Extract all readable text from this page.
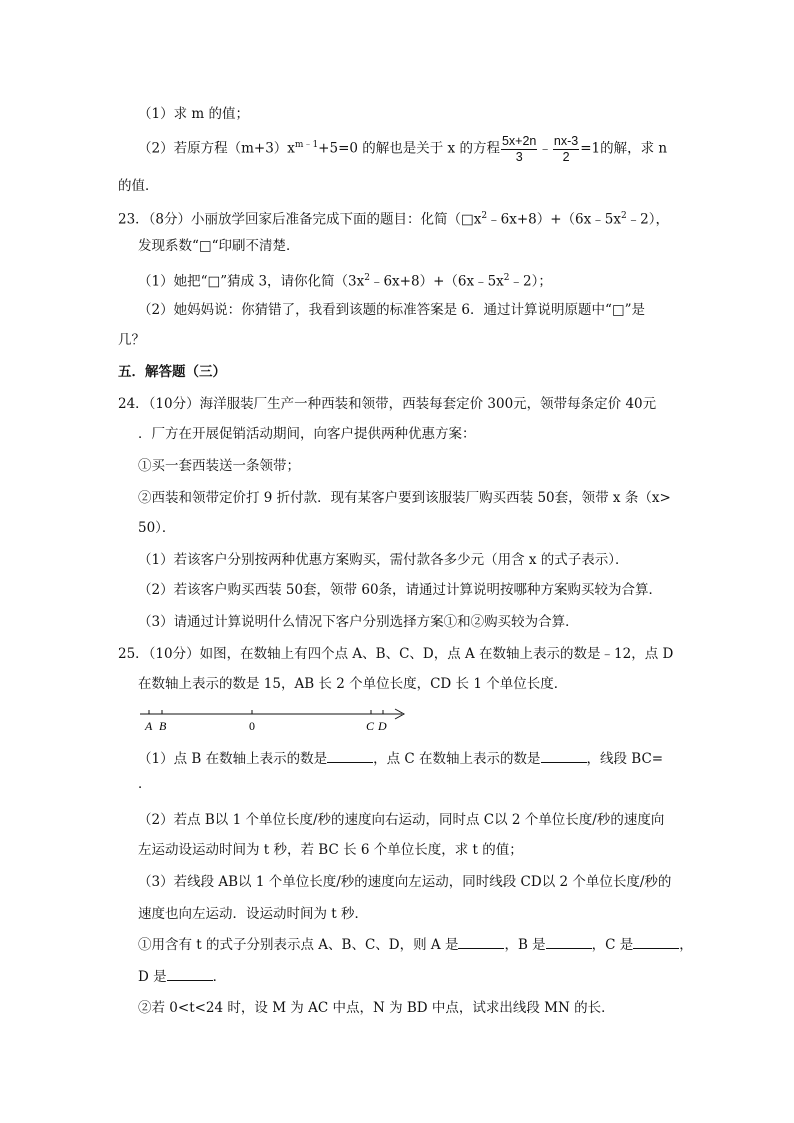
（1）求 m 的值；
（2）若原方程$(m+3)x^{m﹣1}+5=0$ 的解也是关于 x 的方程 $\frac{5x+2n}{3}$ ﹣ $\frac{nx-3}{2} =1$的解，求 n
的值．
23．（8分）小丽放学回家后准备完成下面的题目：化简$(□x^2﹣6x+8)+(6x﹣5x^2﹣2)$，
发现系数“□“印刷不清楚．
（1）她把“□”猜成 3，请你化简$(3x^2﹣6x+8)+(6x﹣5x^2﹣2)$；
（2）她妈妈说：你猜错了，我看到该题的标准答案是 6．通过计算说明原题中“□”是
几？
五．解答题（三）
24．（10分）海洋服装厂生产一种西装和领带，西装每套定价 300元，领带每条定价 40元
．厂方在开展促销活动期间，向客户提供两种优惠方案：
①买一套西装送一条领带；
②西装和领带定价打 9 折付款．现有某客户要到该服装厂购买西装 50套，领带 x 条（x>
50）．
（1）若该客户分别按两种优惠方案购买，需付款各多少元（用含 x 的式子表示）．
（2）若该客户购买西装 50套，领带 60条，请通过计算说明按哪种方案购买较为合算．
（3）请通过计算说明什么情况下客户分别选择方案①和②购买较为合算．
25．（10分）如图，在数轴上有四个点 A、B、C、D，点 A 在数轴上表示的数是﹣12，点 D
在数轴上表示的数是 15，AB 长 2 个单位长度，CD 长 1 个单位长度．
A B	0	C D
（1）点 B 在数轴上表示的数是	，点 C 在数轴上表示的数是	，线段 BC=
．
（2）若点 B以 1 个单位长度/秒的速度向右运动，同时点 C以 2 个单位长度/秒的速度向
左运动设运动时间为 t 秒，若 BC 长 6 个单位长度，求 t 的值；
（3）若线段 AB以 1 个单位长度/秒的速度向左运动，同时线段 CD以 2 个单位长度/秒的
速度也向左运动．设运动时间为 t 秒．
①用含有 t 的式子分别表示点 A、B、C、D，则 A 是	，B 是	，C 是	，
D 是	．
②若 0<t<24 时，设 M 为 AC 中点，N 为 BD 中点，试求出线段 MN 的长．
